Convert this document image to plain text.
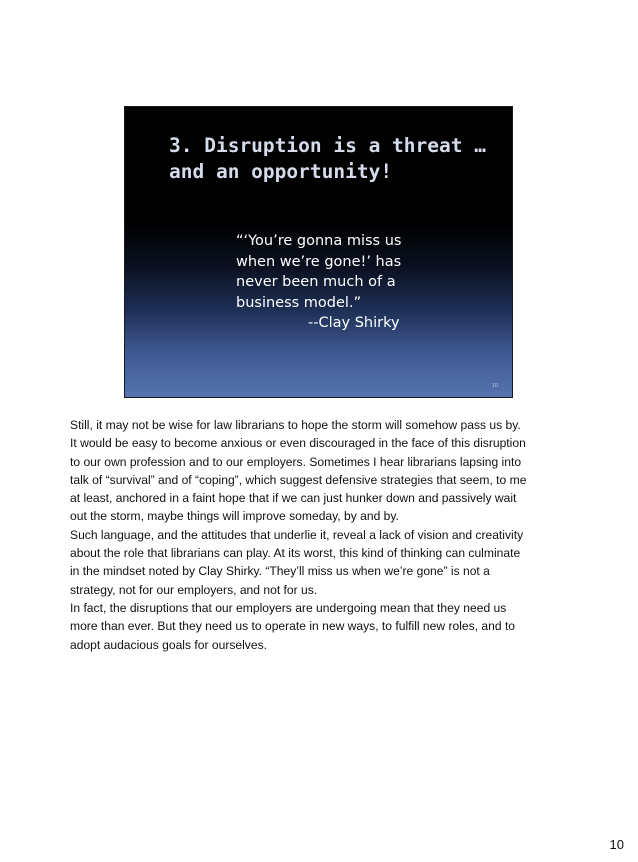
3. Disruption is a threat …
and an opportunity!
“‘You’re gonna miss us
when we’re gone!’ has
never been much of a
business model.”
--Clay Shirky
10
Still, it may not be wise for law librarians to hope the storm will somehow pass us by.
It would be easy to become anxious or even discouraged in the face of this disruption
to our own profession and to our employers. Sometimes I hear librarians lapsing into
talk of “survival” and of “coping”, which suggest defensive strategies that seem, to me
at least, anchored in a faint hope that if we can just hunker down and passively wait
out the storm, maybe things will improve someday, by and by.
Such language, and the attitudes that underlie it, reveal a lack of vision and creativity
about the role that librarians can play. At its worst, this kind of thinking can culminate
in the mindset noted by Clay Shirky. “They’ll miss us when we’re gone” is not a
strategy, not for our employers, and not for us.
In fact, the disruptions that our employers are undergoing mean that they need us
more than ever. But they need us to operate in new ways, to fulfill new roles, and to
adopt audacious goals for ourselves.
10
